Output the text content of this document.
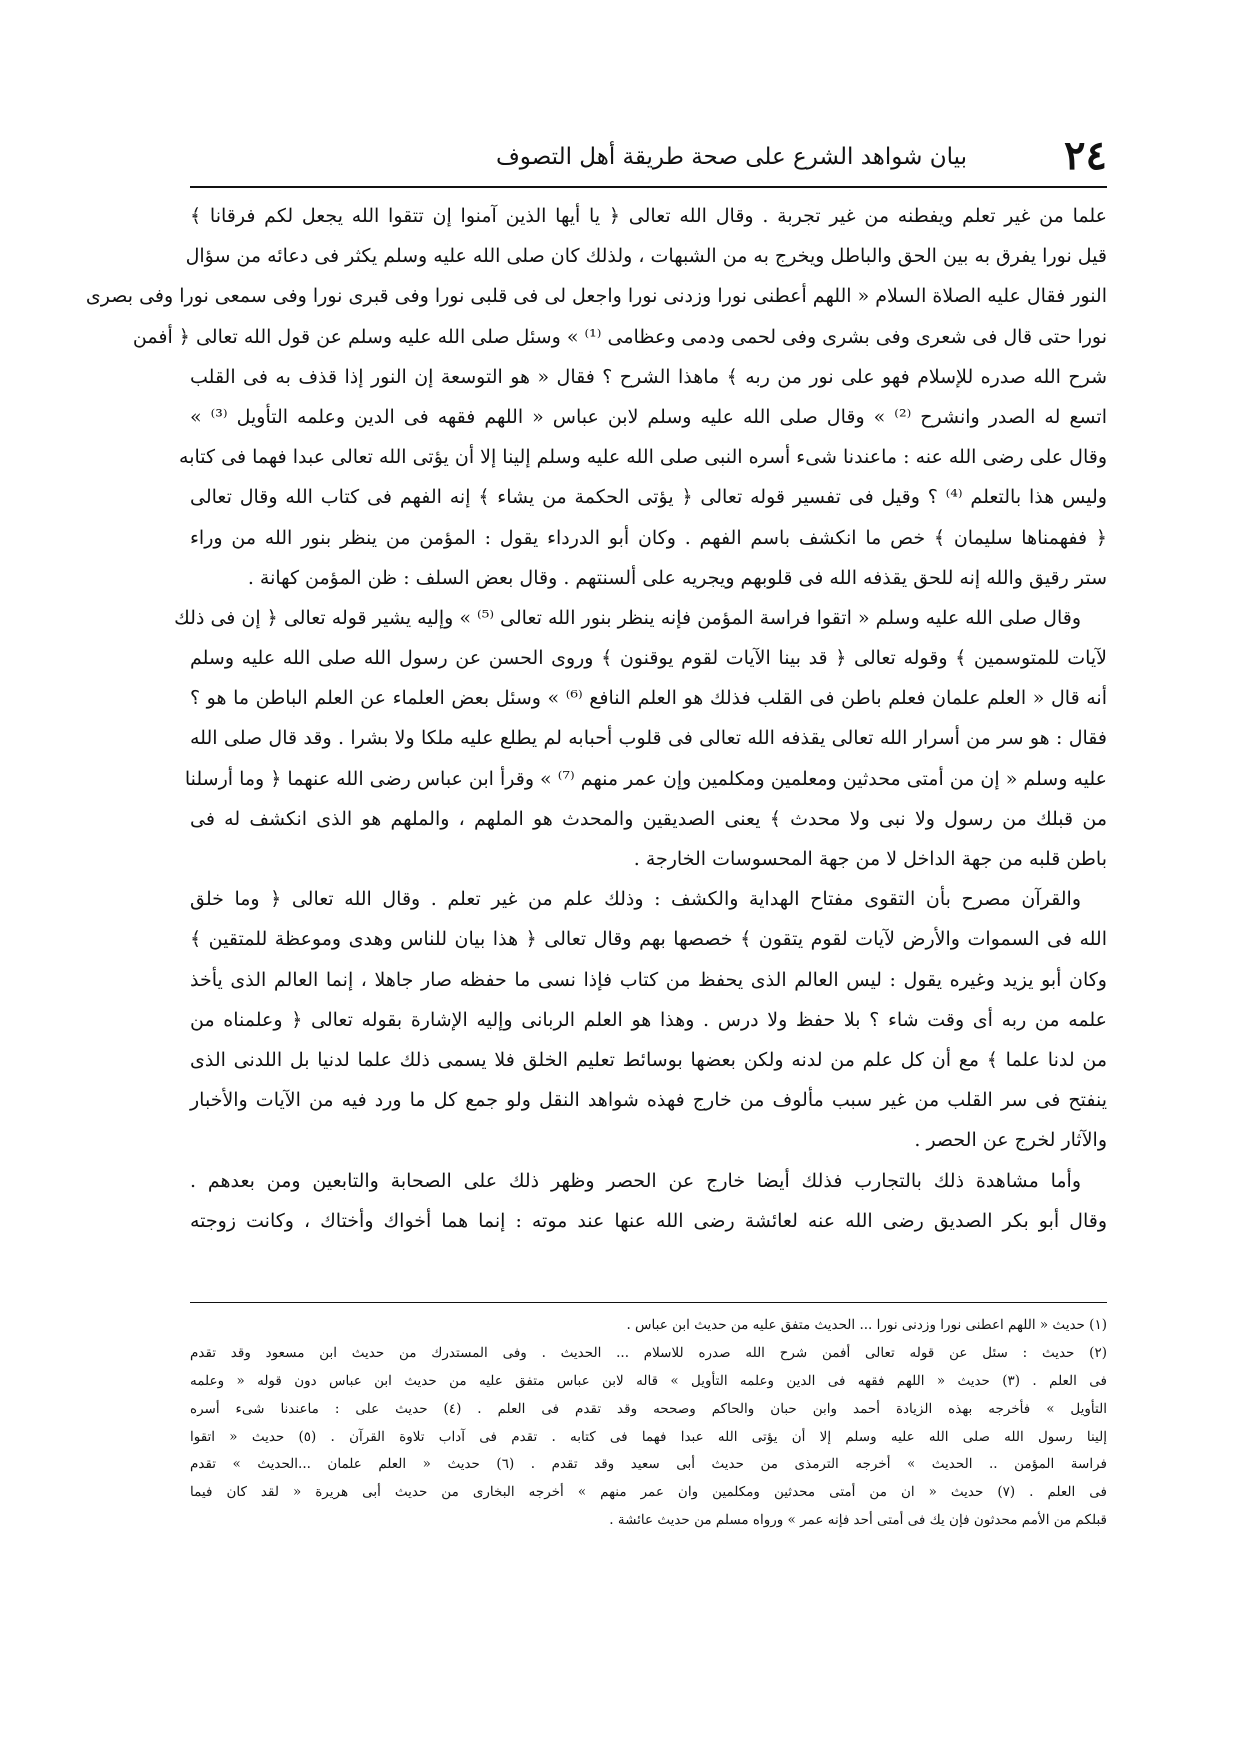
٢٤
بيان شواهد الشرع على صحة طريقة أهل التصوف
علما من غير تعلم ويفطنه من غير تجربة . وقال الله تعالى ﴿ يا أيها الذين آمنوا إن تتقوا الله يجعل لكم فرقانا ﴾
قيل نورا يفرق به بين الحق والباطل ويخرج به من الشبهات ، ولذلك كان صلى الله عليه وسلم يكثر فى دعائه من سؤال
النور فقال عليه الصلاة السلام « اللهم أعطنى نورا وزدنى نورا واجعل لى فى قلبى نورا وفى قبرى نورا وفى سمعى نورا وفى بصرى
نورا حتى قال فى شعرى وفى بشرى وفى لحمى ودمى وعظامى ⁽¹⁾ » وسئل صلى الله عليه وسلم عن قول الله تعالى ﴿ أفمن
شرح الله صدره للإسلام فهو على نور من ربه ﴾ ماهذا الشرح ؟ فقال « هو التوسعة إن النور إذا قذف به فى القلب
اتسع له الصدر وانشرح ⁽²⁾ » وقال صلى الله عليه وسلم لابن عباس « اللهم فقهه فى الدين وعلمه التأويل ⁽³⁾ »
وقال على رضى الله عنه : ماعندنا شىء أسره النبى صلى الله عليه وسلم إلينا إلا أن يؤتى الله تعالى عبدا فهما فى كتابه
وليس هذا بالتعلم ⁽⁴⁾ ؟ وقيل فى تفسير قوله تعالى ﴿ يؤتى الحكمة من يشاء ﴾ إنه الفهم فى كتاب الله وقال تعالى
﴿ ففهمناها سليمان ﴾ خص ما انكشف باسم الفهم . وكان أبو الدرداء يقول : المؤمن من ينظر بنور الله من وراء
ستر رقيق والله إنه للحق يقذفه الله فى قلوبهم ويجريه على ألسنتهم . وقال بعض السلف : ظن المؤمن كهانة .
وقال صلى الله عليه وسلم « اتقوا فراسة المؤمن فإنه ينظر بنور الله تعالى ⁽⁵⁾ » وإليه يشير قوله تعالى ﴿ إن فى ذلك
لآيات للمتوسمين ﴾ وقوله تعالى ﴿ قد بينا الآيات لقوم يوقنون ﴾ وروى الحسن عن رسول الله صلى الله عليه وسلم
أنه قال « العلم علمان فعلم باطن فى القلب فذلك هو العلم النافع ⁽⁶⁾ » وسئل بعض العلماء عن العلم الباطن ما هو ؟
فقال : هو سر من أسرار الله تعالى يقذفه الله تعالى فى قلوب أحبابه لم يطلع عليه ملكا ولا بشرا . وقد قال صلى الله
عليه وسلم « إن من أمتى محدثين ومعلمين ومكلمين وإن عمر منهم ⁽⁷⁾ » وقرأ ابن عباس رضى الله عنهما ﴿ وما أرسلنا
من قبلك من رسول ولا نبى ولا محدث ﴾ يعنى الصديقين والمحدث هو الملهم ، والملهم هو الذى انكشف له فى
باطن قلبه من جهة الداخل لا من جهة المحسوسات الخارجة .
والقرآن مصرح بأن التقوى مفتاح الهداية والكشف : وذلك علم من غير تعلم . وقال الله تعالى ﴿ وما خلق
الله فى السموات والأرض لآيات لقوم يتقون ﴾ خصصها بهم وقال تعالى ﴿ هذا بيان للناس وهدى وموعظة للمتقين ﴾
وكان أبو يزيد وغيره يقول : ليس العالم الذى يحفظ من كتاب فإذا نسى ما حفظه صار جاهلا ، إنما العالم الذى يأخذ
علمه من ربه أى وقت شاء ؟ بلا حفظ ولا درس . وهذا هو العلم الربانى وإليه الإشارة بقوله تعالى ﴿ وعلمناه من
من لدنا علما ﴾ مع أن كل علم من لدنه ولكن بعضها بوسائط تعليم الخلق فلا يسمى ذلك علما لدنيا بل اللدنى الذى
ينفتح فى سر القلب من غير سبب مألوف من خارج فهذه شواهد النقل ولو جمع كل ما ورد فيه من الآيات والأخبار
والآثار لخرج عن الحصر .
وأما مشاهدة ذلك بالتجارب فذلك أيضا خارج عن الحصر وظهر ذلك على الصحابة والتابعين ومن بعدهم .
وقال أبو بكر الصديق رضى الله عنه لعائشة رضى الله عنها عند موته : إنما هما أخواك وأختاك ، وكانت زوجته
(١) حديث « اللهم اعطنى نورا وزدنى نورا ... الحديث متفق عليه من حديث ابن عباس .
(٢) حديث : سئل عن قوله تعالى أفمن شرح الله صدره للاسلام ... الحديث . وفى المستدرك من حديث ابن مسعود وقد تقدم
فى العلم . (٣) حديث « اللهم فقهه فى الدين وعلمه التأويل » قاله لابن عباس متفق عليه من حديث ابن عباس دون قوله « وعلمه
التأويل » فأخرجه بهذه الزيادة أحمد وابن حبان والحاكم وصححه وقد تقدم فى العلم . (٤) حديث على : ماعندنا شىء أسره
إلينا رسول الله صلى الله عليه وسلم إلا أن يؤتى الله عبدا فهما فى كتابه . تقدم فى آداب تلاوة القرآن . (٥) حديث « اتقوا
فراسة المؤمن .. الحديث » أخرجه الترمذى من حديث أبى سعيد وقد تقدم . (٦) حديث « العلم علمان ...الحديث » تقدم
فى العلم . (٧) حديث « ان من أمتى محدثين ومكلمين وان عمر منهم » أخرجه البخارى من حديث أبى هريرة « لقد كان فيما
قبلكم من الأمم محدثون فإن يك فى أمتى أحد فإنه عمر » ورواه مسلم من حديث عائشة .
